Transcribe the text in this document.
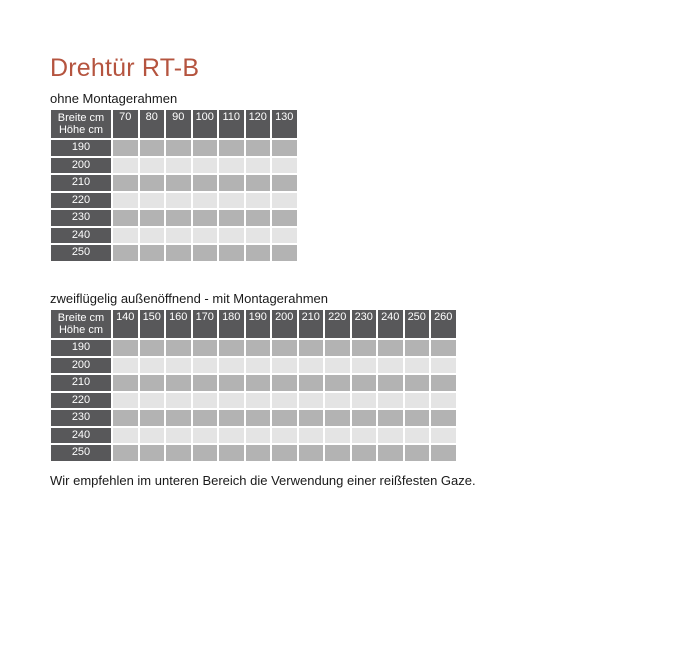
Drehtür RT-B

ohne Montagerahmen

Breite cm
Höhe cm	70	80	90	100	110	120	130
190							
200							
210							
220							
230							
240							
250							

zweiflügelig außenöffnend - mit Montagerahmen

Breite cm
Höhe cm	140	150	160	170	180	190	200	210	220	230	240	250	260
190													
200													
210													
220													
230													
240													
250													

Wir empfehlen im unteren Bereich die Verwendung einer reißfesten Gaze.
